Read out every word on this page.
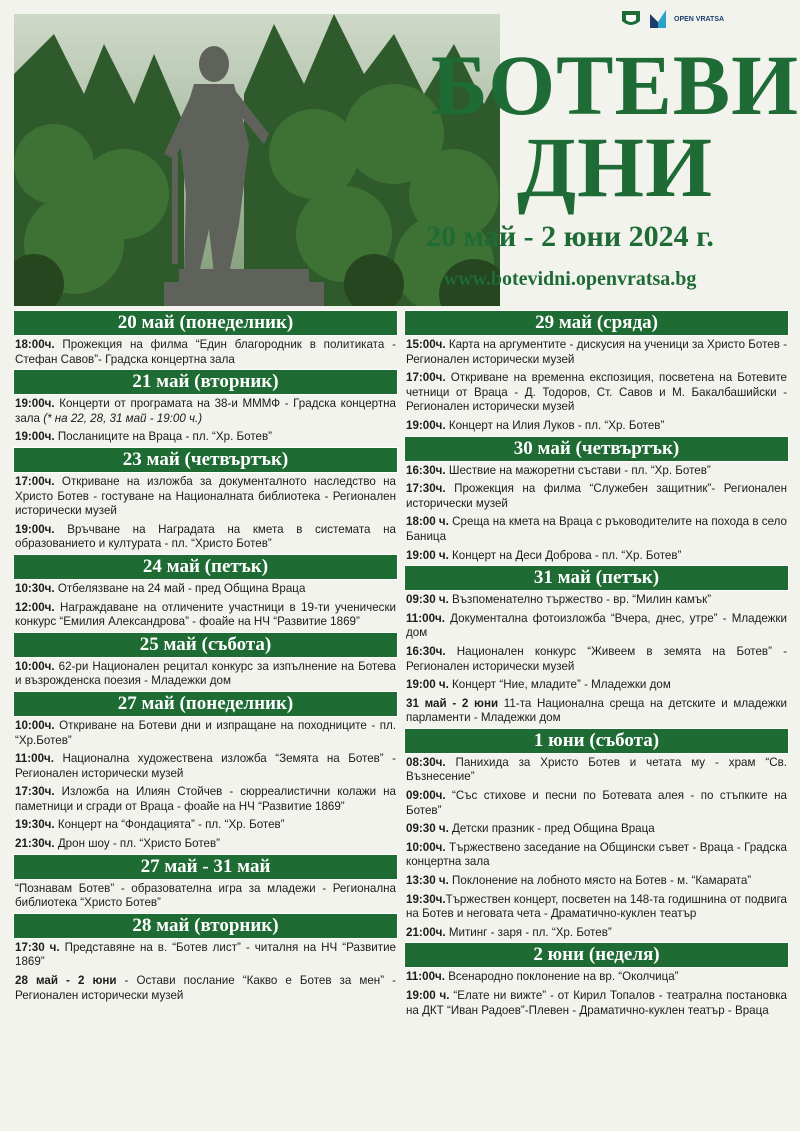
OPEN VRATSA
БОТЕВИ
ДНИ
20 май - 2 юни 2024 г.
www.botevidni.openvratsa.bg
20 май (понеделник)
18:00ч. Прожекция на филма “Един благородник в политиката - Стефан Савов”- Градска концертна зала
21 май (вторник)
19:00ч. Концерти от програмата на 38-и МММФ - Градска концертна зала (* на 22, 28, 31 май - 19:00 ч.)
19:00ч. Посланиците на Враца - пл. “Хр. Ботев”
23 май (четвъртък)
17:00ч. Откриване на изложба за документалното наследство на Христо Ботев - гостуване на Националната библиотека - Регионален исторически музей
19:00ч. Връчване на Наградата на кмета в системата на образованието и културата - пл. “Христо Ботев”
24 май (петък)
10:30ч. Отбелязване на 24 май - пред Община Враца
12:00ч. Награждаване на отличените участници в 19-ти ученически конкурс “Емилия Александрова” - фоайе на НЧ “Развитие 1869”
25 май (събота)
10:00ч. 62-ри Национален рецитал конкурс за изпълнение на Ботева и възрожденска поезия - Младежки дом
27 май (понеделник)
10:00ч. Откриване на Ботеви дни и изпращане на походниците - пл. “Хр.Ботев”
11:00ч. Национална художествена изложба “Земята на Ботев” - Регионален исторически музей
17:30ч. Изложба на Илиян Стойчев - сюрреалистични колажи на паметници и сгради от Враца - фоайе на НЧ “Развитие 1869”
19:30ч. Концерт на “Фондацията” - пл. “Хр. Ботев”
21:30ч. Дрон шоу - пл. “Христо Ботев”
27 май - 31 май
“Познавам Ботев” - образователна игра за младежи - Регионална библиотека “Христо Ботев”
28 май (вторник)
17:30 ч. Представяне на в. “Ботев лист” - читалня на НЧ “Развитие 1869”
28 май - 2 юни - Остави послание “Какво е Ботев за мен” - Регионален исторически музей
29 май (сряда)
15:00ч. Карта на аргументите - дискусия на ученици за Христо Ботев - Регионален исторически музей
17:00ч. Откриване на временна експозиция, посветена на Ботевите четници от Враца - Д. Тодоров, Ст. Савов и М. Бакалбашийски - Регионален исторически музей
19:00ч. Концерт на Илия Луков - пл. “Хр. Ботев”
30 май (четвъртък)
16:30ч. Шествие на мажоретни състави - пл. “Хр. Ботев”
17:30ч. Прожекция на филма “Служебен защитник”- Регионален исторически музей
18:00 ч. Среща на кмета на Враца с ръководителите на похода в село Баница
19:00 ч. Концерт на Деси Доброва - пл. “Хр. Ботев”
31 май (петък)
09:30 ч. Възпоменателно тържество - вр. “Милин камък”
11:00ч. Документална фотоизложба “Вчера, днес, утре” - Младежки дом
16:30ч. Национален конкурс “Живеем в земята на Ботев” - Регионален исторически музей
19:00 ч. Концерт “Ние, младите” - Младежки дом
31 май - 2 юни 11-та Национална среща на детските и младежки парламенти - Младежки дом
1 юни (събота)
08:30ч. Панихида за Христо Ботев и четата му - храм “Св. Възнесение”
09:00ч. “Със стихове и песни по Ботевата алея - по стъпките на Ботев”
09:30 ч. Детски празник - пред Община Враца
10:00ч. Тържествено заседание на Общински съвет - Враца - Градска концертна зала
13:30 ч. Поклонение на лобното място на Ботев - м. “Камарата”
19:30ч.Тържествен концерт, посветен на 148-та годишнина от подвига на Ботев и неговата чета - Драматично-куклен театър
21:00ч. Митинг - заря - пл. “Хр. Ботев”
2 юни (неделя)
11:00ч. Всенародно поклонение на вр. “Околчица”
19:00 ч. “Елате ни вижте” - от Кирил Топалов - театрална постановка на ДКТ “Иван Радоев”-Плевен - Драматично-куклен театър - Враца
